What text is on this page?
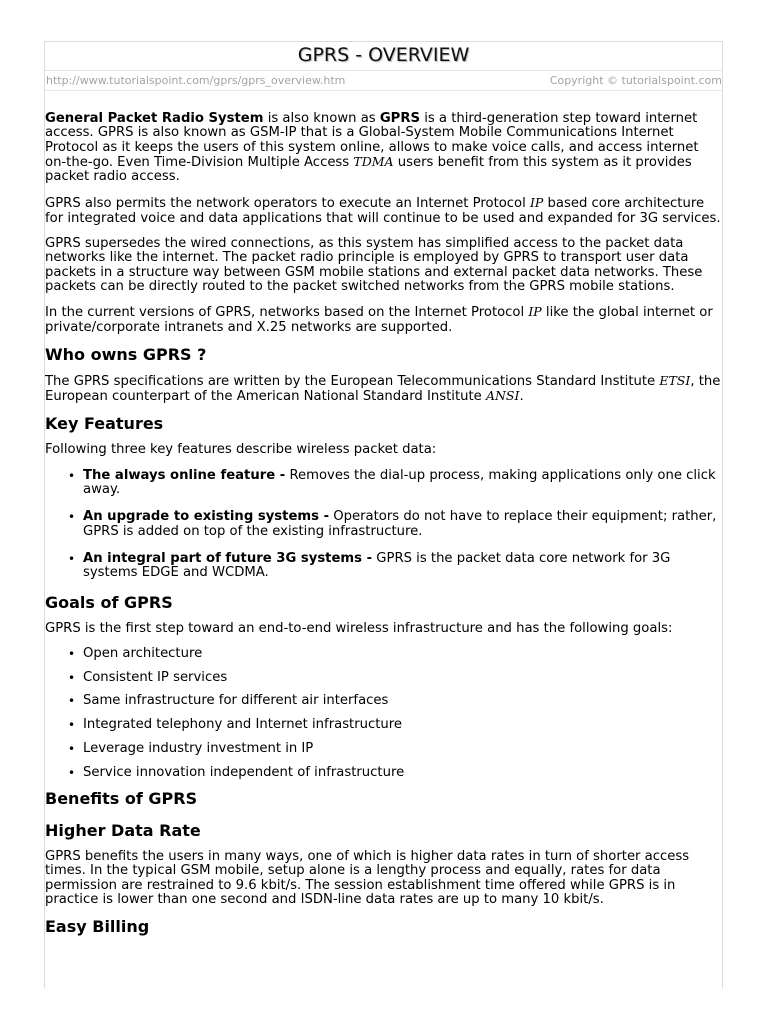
GPRS - OVERVIEW
http://www.tutorialspoint.com/gprs/gprs_overview.htm	Copyright © tutorialspoint.com

General Packet Radio System is also known as GPRS is a third-generation step toward internet access. GPRS is also known as GSM-IP that is a Global-System Mobile Communications Internet Protocol as it keeps the users of this system online, allows to make voice calls, and access internet on-the-go. Even Time-Division Multiple Access TDMA users benefit from this system as it provides packet radio access.

GPRS also permits the network operators to execute an Internet Protocol IP based core architecture for integrated voice and data applications that will continue to be used and expanded for 3G services.

GPRS supersedes the wired connections, as this system has simplified access to the packet data networks like the internet. The packet radio principle is employed by GPRS to transport user data packets in a structure way between GSM mobile stations and external packet data networks. These packets can be directly routed to the packet switched networks from the GPRS mobile stations.

In the current versions of GPRS, networks based on the Internet Protocol IP like the global internet or private/corporate intranets and X.25 networks are supported.

Who owns GPRS ?

The GPRS specifications are written by the European Telecommunications Standard Institute ETSI, the European counterpart of the American National Standard Institute ANSI.

Key Features

Following three key features describe wireless packet data:

• The always online feature - Removes the dial-up process, making applications only one click away.
• An upgrade to existing systems - Operators do not have to replace their equipment; rather, GPRS is added on top of the existing infrastructure.
• An integral part of future 3G systems - GPRS is the packet data core network for 3G systems EDGE and WCDMA.
Goals of GPRS

GPRS is the first step toward an end-to-end wireless infrastructure and has the following goals:

• Open architecture
• Consistent IP services
• Same infrastructure for different air interfaces
• Integrated telephony and Internet infrastructure
• Leverage industry investment in IP
• Service innovation independent of infrastructure
Benefits of GPRS
Higher Data Rate

GPRS benefits the users in many ways, one of which is higher data rates in turn of shorter access times. In the typical GSM mobile, setup alone is a lengthy process and equally, rates for data permission are restrained to 9.6 kbit/s. The session establishment time offered while GPRS is in practice is lower than one second and ISDN-line data rates are up to many 10 kbit/s.

Easy Billing
